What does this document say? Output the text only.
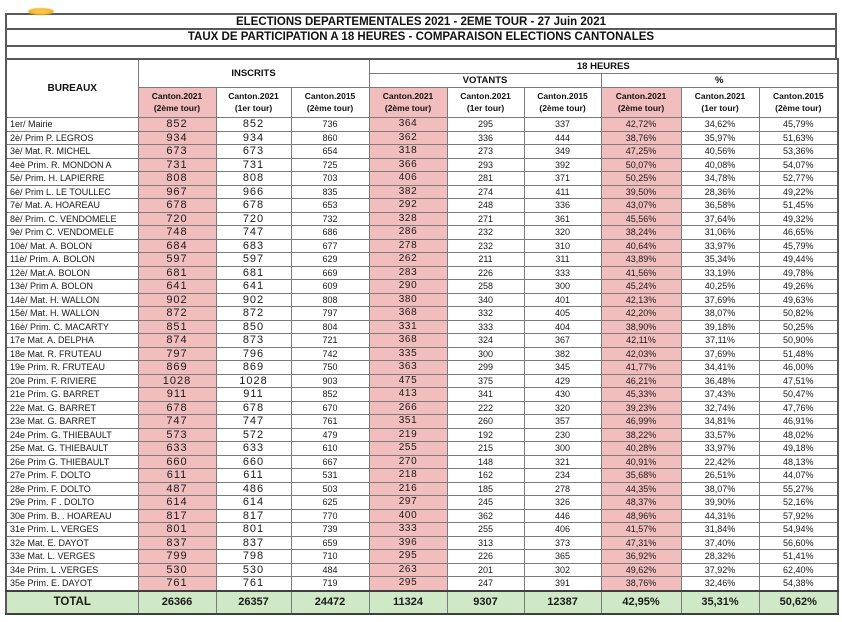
ELECTIONS DEPARTEMENTALES 2021 - 2EME TOUR - 27 Juin 2021
TAUX DE PARTICIPATION A 18 HEURES - COMPARAISON ELECTIONS CANTONALES
BUREAUX	INSCRITS			18 HEURES					
				VOTANTS			%		

Canton.2021
(2ème tour)

Canton.2021
(1er tour)

Canton.2015
(2ème tour)

Canton.2021
(2ème tour)

Canton.2021
(1er tour)

Canton.2015
(2ème tour)

Canton.2021
(2ème tour)

Canton.2021
(1er tour)

Canton.2015
(2ème tour)

1er/ Mairie	852	852	736	364	295	337	42,72%	34,62%	45,79%
2è/ Prim P. LEGROS	934	934	860	362	336	444	38,76%	35,97%	51,63%
3è/ Mat. R. MICHEL	673	673	654	318	273	349	47,25%	40,56%	53,36%
4eè Prim. R. MONDON A	731	731	725	366	293	392	50,07%	40,08%	54,07%
5è/ Prim. H. LAPIERRE	808	808	703	406	281	371	50,25%	34,78%	52,77%
6è/ Prim L. LE TOULLEC	967	966	835	382	274	411	39,50%	28,36%	49,22%
7è/ Mat. A. HOAREAU	678	678	653	292	248	336	43,07%	36,58%	51,45%
8è/ Prim. C. VENDOMELE	720	720	732	328	271	361	45,56%	37,64%	49,32%
9è/ Prim C. VENDOMELE	748	747	686	286	232	320	38,24%	31,06%	46,65%
10è/ Mat. A. BOLON	684	683	677	278	232	310	40,64%	33,97%	45,79%
11è/ Prim. A. BOLON	597	597	629	262	211	311	43,89%	35,34%	49,44%
12è/ Mat.A. BOLON	681	681	669	283	226	333	41,56%	33,19%	49,78%
13è/ Prim A. BOLON	641	641	609	290	258	300	45,24%	40,25%	49,26%
14è/ Mat. H. WALLON	902	902	808	380	340	401	42,13%	37,69%	49,63%
15è/ Mat. H. WALLON	872	872	797	368	332	405	42,20%	38,07%	50,82%
16è/ Prim. C. MACARTY	851	850	804	331	333	404	38,90%	39,18%	50,25%
17e Mat. A. DELPHA	874	873	721	368	324	367	42,11%	37,11%	50,90%
18e Mat. R. FRUTEAU	797	796	742	335	300	382	42,03%	37,69%	51,48%
19e Prim. R. FRUTEAU	869	869	750	363	299	345	41,77%	34,41%	46,00%
20e Prim. F. RIVIERE	1028	1028	903	475	375	429	46,21%	36,48%	47,51%
21e Prim. G. BARRET	911	911	852	413	341	430	45,33%	37,43%	50,47%
22e Mat. G. BARRET	678	678	670	266	222	320	39,23%	32,74%	47,76%
23e Mat. G. BARRET	747	747	761	351	260	357	46,99%	34,81%	46,91%
24e Prim. G. THIEBAULT	573	572	479	219	192	230	38,22%	33,57%	48,02%
25e Mat. G. THIEBAULT	633	633	610	255	215	300	40,28%	33,97%	49,18%
26e Prim G. THIEBAULT	660	660	667	270	148	321	40,91%	22,42%	48,13%
27e Prim. F. DOLTO	611	611	531	218	162	234	35,68%	26,51%	44,07%
28e Prim. F. DOLTO	487	486	503	216	185	278	44,35%	38,07%	55,27%
29e Prim. F . DOLTO	614	614	625	297	245	326	48,37%	39,90%	52,16%
30e Prim. B. . HOAREAU	817	817	770	400	362	446	48,96%	44,31%	57,92%
31e Prim. L. VERGES	801	801	739	333	255	406	41,57%	31,84%	54,94%
32e Mat. E. DAYOT	837	837	659	396	313	373	47,31%	37,40%	56,60%
33e Mat. L. VERGES	799	798	710	295	226	365	36,92%	28,32%	51,41%
34e Prim. L .VERGES	530	530	484	263	201	302	49,62%	37,92%	62,40%
35e Prim. E. DAYOT	761	761	719	295	247	391	38,76%	32,46%	54,38%
TOTAL	26366	26357	24472	11324	9307	12387	42,95%	35,31%	50,62%
